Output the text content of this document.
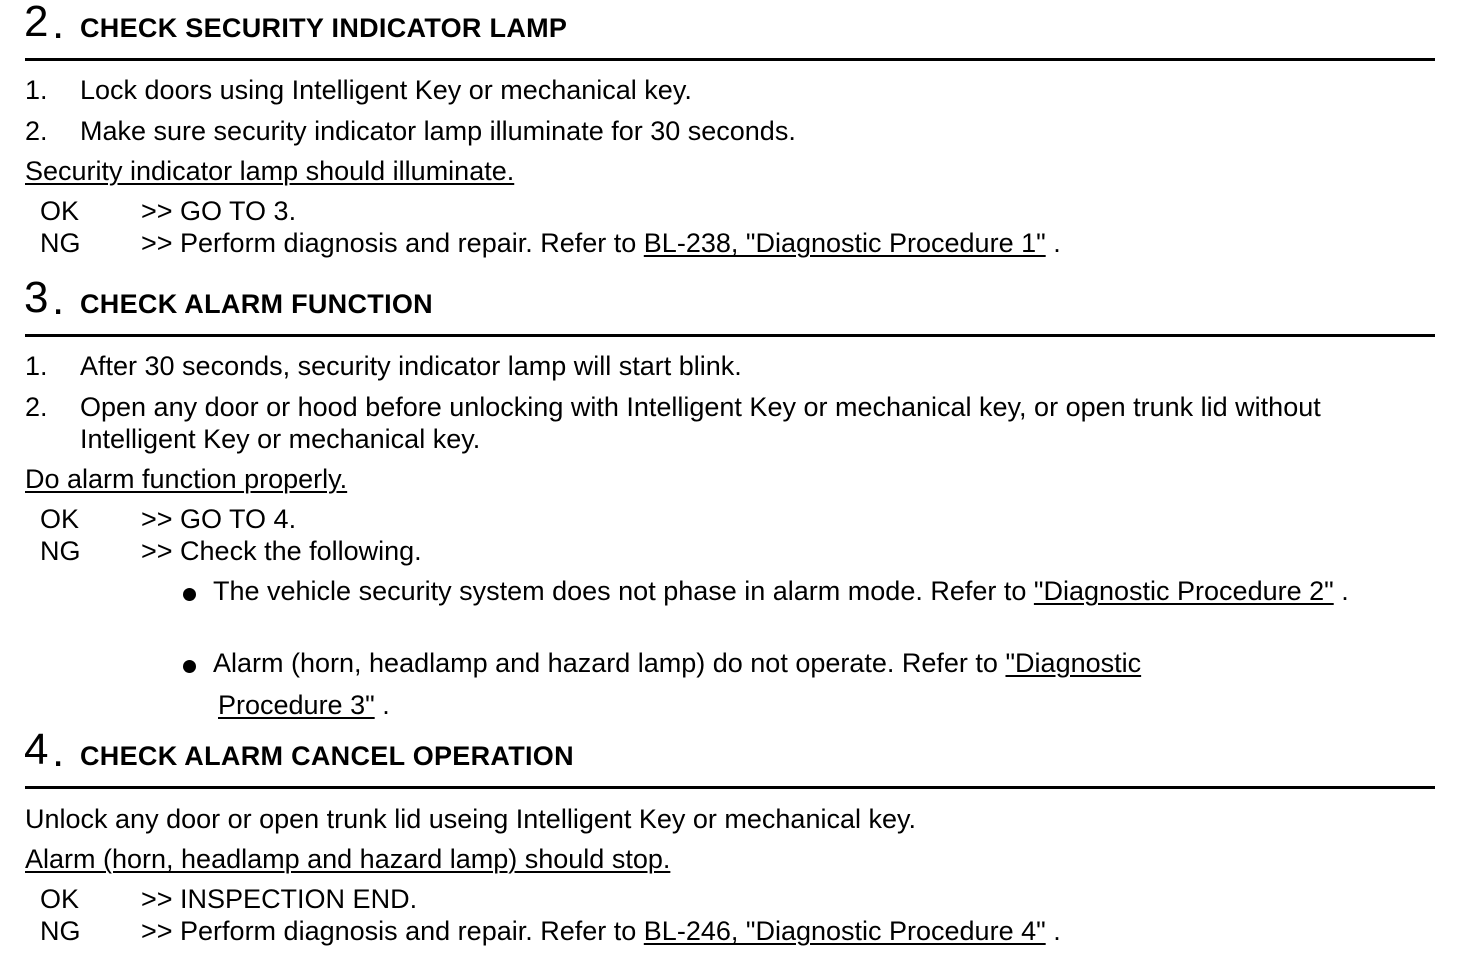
2 . CHECK SECURITY INDICATOR LAMP
1. Lock doors using Intelligent Key or mechanical key.
2. Make sure security indicator lamp illuminate for 30 seconds.
Security indicator lamp should illuminate.
OK >> GO TO 3.
NG >> Perform diagnosis and repair. Refer to BL-238, "Diagnostic Procedure 1" .
3 . CHECK ALARM FUNCTION
1. After 30 seconds, security indicator lamp will start blink.
2. Open any door or hood before unlocking with Intelligent Key or mechanical key, or open trunk lid without
Intelligent Key or mechanical key.
Do alarm function properly.
OK >> GO TO 4.
NG >> Check the following.
The vehicle security system does not phase in alarm mode. Refer to "Diagnostic Procedure 2" .
Alarm (horn, headlamp and hazard lamp) do not operate. Refer to "Diagnostic
Procedure 3" .
4 . CHECK ALARM CANCEL OPERATION
Unlock any door or open trunk lid useing Intelligent Key or mechanical key.
Alarm (horn, headlamp and hazard lamp) should stop.
OK >> INSPECTION END.
NG >> Perform diagnosis and repair. Refer to BL-246, "Diagnostic Procedure 4" .
